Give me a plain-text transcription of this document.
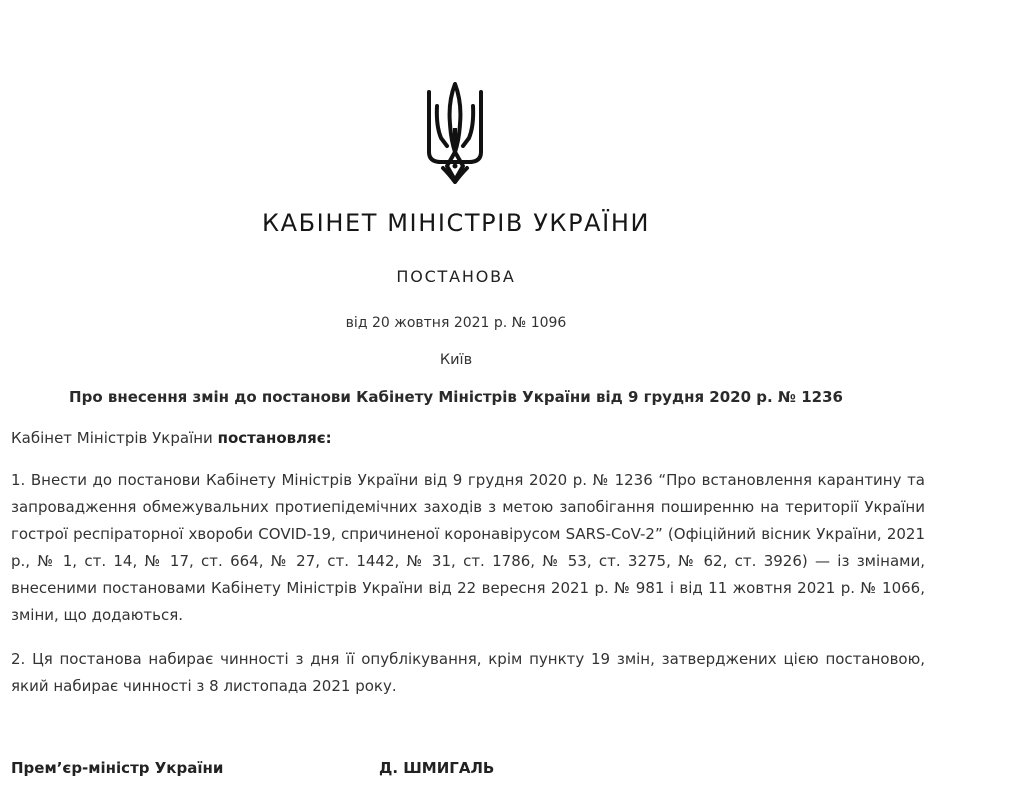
КАБІНЕТ МІНІСТРІВ УКРАЇНИ
ПОСТАНОВА
від 20 жовтня 2021 р. № 1096
Київ
Про внесення змін до постанови Кабінету Міністрів України від 9 грудня 2020 р. № 1236
Кабінет Міністрів України постановляє:
1. Внести до постанови Кабінету Міністрів України від 9 грудня 2020 р. № 1236 “Про встановлення карантину та запровадження обмежувальних протиепідемічних заходів з метою запобігання поширенню на території України гострої респіраторної хвороби COVID-19, спричиненої коронавірусом SARS-CoV-2” (Офіційний вісник України, 2021 р., № 1, ст. 14, № 17, ст. 664, № 27, ст. 1442, № 31, ст. 1786, № 53, ст. 3275, № 62, ст. 3926) — із змінами, внесеними постановами Кабінету Міністрів України від 22 вересня 2021 р. № 981 і від 11 жовтня 2021 р. № 1066, зміни, що додаються.
2. Ця постанова набирає чинності з дня її опублікування, крім пункту 19 змін, затверджених цією постановою, який набирає чинності з 8 листопада 2021 року.
Прем’єр-міністр України	Д. ШМИГАЛЬ
